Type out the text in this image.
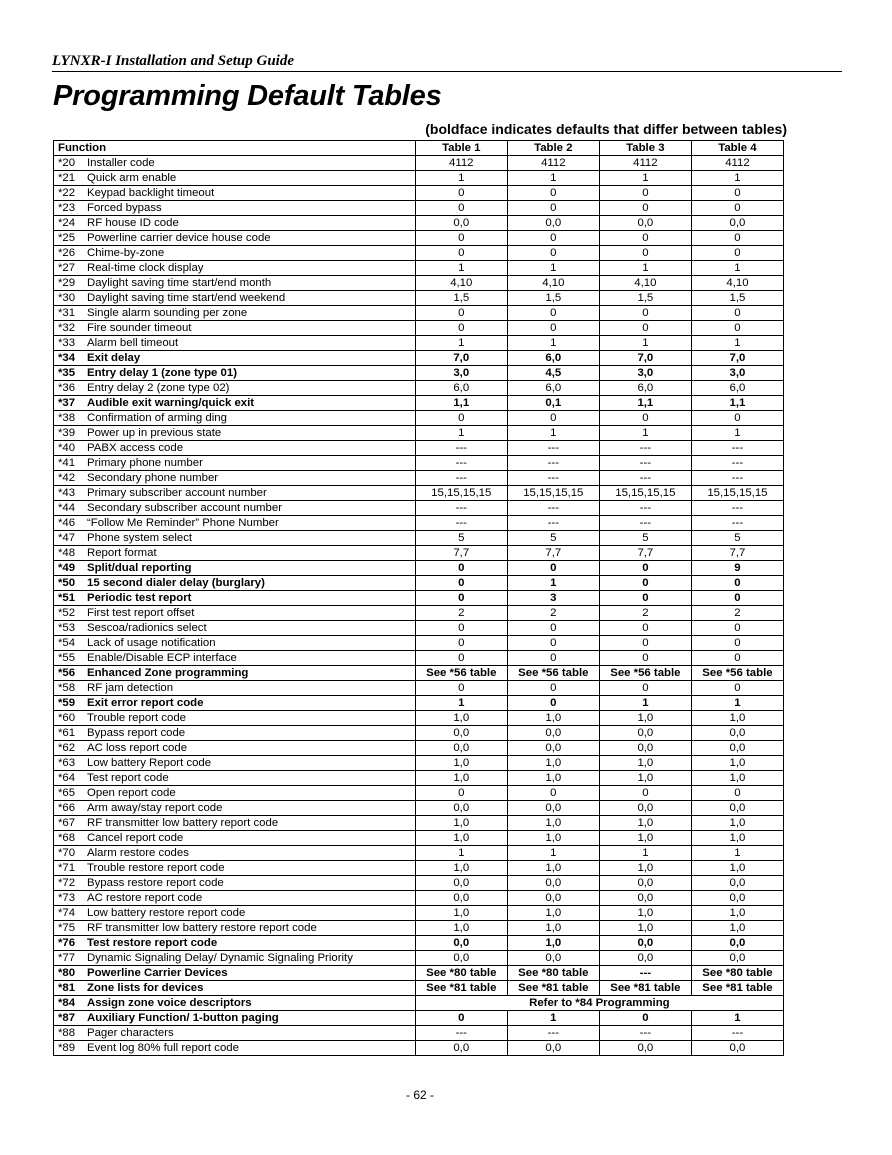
LYNXR-I Installation and Setup Guide
Programming Default Tables
(boldface indicates defaults that differ between tables)
Function	Table 1	Table 2	Table 3	Table 4
*20 Installer code	4112	4112	4112	4112
*21 Quick arm enable	1	1	1	1
*22 Keypad backlight timeout	0	0	0	0
*23 Forced bypass	0	0	0	0
*24 RF house ID code	0,0	0,0	0,0	0,0
*25 Powerline carrier device house code	0	0	0	0
*26 Chime-by-zone	0	0	0	0
*27 Real-time clock display	1	1	1	1
*29 Daylight saving time start/end month	4,10	4,10	4,10	4,10
*30 Daylight saving time start/end weekend	1,5	1,5	1,5	1,5
*31 Single alarm sounding per zone	0	0	0	0
*32 Fire sounder timeout	0	0	0	0
*33 Alarm bell timeout	1	1	1	1
*34 Exit delay	7,0	6,0	7,0	7,0
*35 Entry delay 1 (zone type 01)	3,0	4,5	3,0	3,0
*36 Entry delay 2 (zone type 02)	6,0	6,0	6,0	6,0
*37 Audible exit warning/quick exit	1,1	0,1	1,1	1,1
*38 Confirmation of arming ding	0	0	0	0
*39 Power up in previous state	1	1	1	1
*40 PABX access code	---	---	---	---
*41 Primary phone number	---	---	---	---
*42 Secondary phone number	---	---	---	---
*43 Primary subscriber account number	15,15,15,15	15,15,15,15	15,15,15,15	15,15,15,15
*44 Secondary subscriber account number	---	---	---	---
*46 “Follow Me Reminder” Phone Number	---	---	---	---
*47 Phone system select	5	5	5	5
*48 Report format	7,7	7,7	7,7	7,7
*49 Split/dual reporting	0	0	0	9
*50 15 second dialer delay (burglary)	0	1	0	0
*51 Periodic test report	0	3	0	0
*52 First test report offset	2	2	2	2
*53 Sescoa/radionics select	0	0	0	0
*54 Lack of usage notification	0	0	0	0
*55 Enable/Disable ECP interface	0	0	0	0
*56 Enhanced Zone programming	See *56 table	See *56 table	See *56 table	See *56 table
*58 RF jam detection	0	0	0	0
*59 Exit error report code	1	0	1	1
*60 Trouble report code	1,0	1,0	1,0	1,0
*61 Bypass report code	0,0	0,0	0,0	0,0
*62 AC loss report code	0,0	0,0	0,0	0,0
*63 Low battery Report code	1,0	1,0	1,0	1,0
*64 Test report code	1,0	1,0	1,0	1,0
*65 Open report code	0	0	0	0
*66 Arm away/stay report code	0,0	0,0	0,0	0,0
*67 RF transmitter low battery report code	1,0	1,0	1,0	1,0
*68 Cancel report code	1,0	1,0	1,0	1,0
*70 Alarm restore codes	1	1	1	1
*71 Trouble restore report code	1,0	1,0	1,0	1,0
*72 Bypass restore report code	0,0	0,0	0,0	0,0
*73 AC restore report code	0,0	0,0	0,0	0,0
*74 Low battery restore report code	1,0	1,0	1,0	1,0
*75 RF transmitter low battery restore report code	1,0	1,0	1,0	1,0
*76 Test restore report code	0,0	1,0	0,0	0,0
*77 Dynamic Signaling Delay/ Dynamic Signaling Priority	0,0	0,0	0,0	0,0
*80 Powerline Carrier Devices	See *80 table	See *80 table	---	See *80 table
*81 Zone lists for devices	See *81 table	See *81 table	See *81 table	See *81 table
*84 Assign zone voice descriptors	Refer to *84 Programming			
*87 Auxiliary Function/ 1-button paging	0	1	0	1
*88 Pager characters	---	---	---	---
*89 Event log 80% full report code	0,0	0,0	0,0	0,0
- 62 -
